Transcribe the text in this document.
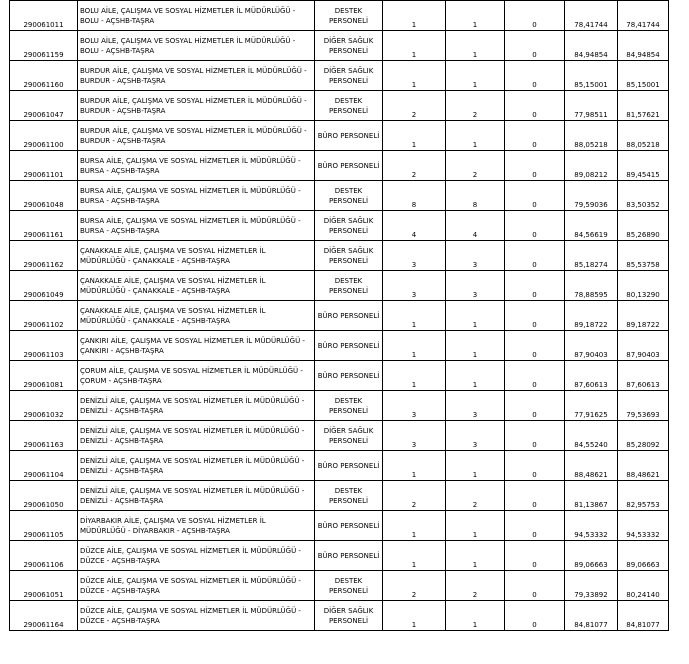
290061011	BOLU AİLE, ÇALIŞMA VE SOSYAL HİZMETLER İL MÜDÜRLÜĞÜ - BOLU - AÇSHB-TAŞRA	DESTEK PERSONELİ	1	1	0	78,41744	78,41744
290061159	BOLU AİLE, ÇALIŞMA VE SOSYAL HİZMETLER İL MÜDÜRLÜĞÜ - BOLU - AÇSHB-TAŞRA	DİĞER SAĞLIK PERSONELİ	1	1	0	84,94854	84,94854
290061160	BURDUR AİLE, ÇALIŞMA VE SOSYAL HİZMETLER İL MÜDÜRLÜĞÜ - BURDUR - AÇSHB-TAŞRA	DİĞER SAĞLIK PERSONELİ	1	1	0	85,15001	85,15001
290061047	BURDUR AİLE, ÇALIŞMA VE SOSYAL HİZMETLER İL MÜDÜRLÜĞÜ - BURDUR - AÇSHB-TAŞRA	DESTEK PERSONELİ	2	2	0	77,98511	81,57621
290061100	BURDUR AİLE, ÇALIŞMA VE SOSYAL HİZMETLER İL MÜDÜRLÜĞÜ - BURDUR - AÇSHB-TAŞRA	BÜRO PERSONELİ	1	1	0	88,05218	88,05218
290061101	BURSA AİLE, ÇALIŞMA VE SOSYAL HİZMETLER İL MÜDÜRLÜĞÜ - BURSA - AÇSHB-TAŞRA	BÜRO PERSONELİ	2	2	0	89,08212	89,45415
290061048	BURSA AİLE, ÇALIŞMA VE SOSYAL HİZMETLER İL MÜDÜRLÜĞÜ - BURSA - AÇSHB-TAŞRA	DESTEK PERSONELİ	8	8	0	79,59036	83,50352
290061161	BURSA AİLE, ÇALIŞMA VE SOSYAL HİZMETLER İL MÜDÜRLÜĞÜ - BURSA - AÇSHB-TAŞRA	DİĞER SAĞLIK PERSONELİ	4	4	0	84,56619	85,26890
290061162	ÇANAKKALE AİLE, ÇALIŞMA VE SOSYAL HİZMETLER İL MÜDÜRLÜĞÜ - ÇANAKKALE - AÇSHB-TAŞRA	DİĞER SAĞLIK PERSONELİ	3	3	0	85,18274	85,53758
290061049	ÇANAKKALE AİLE, ÇALIŞMA VE SOSYAL HİZMETLER İL MÜDÜRLÜĞÜ - ÇANAKKALE - AÇSHB-TAŞRA	DESTEK PERSONELİ	3	3	0	78,88595	80,13290
290061102	ÇANAKKALE AİLE, ÇALIŞMA VE SOSYAL HİZMETLER İL MÜDÜRLÜĞÜ - ÇANAKKALE - AÇSHB-TAŞRA	BÜRO PERSONELİ	1	1	0	89,18722	89,18722
290061103	ÇANKIRI AİLE, ÇALIŞMA VE SOSYAL HİZMETLER İL MÜDÜRLÜĞÜ - ÇANKIRI - AÇSHB-TAŞRA	BÜRO PERSONELİ	1	1	0	87,90403	87,90403
290061081	ÇORUM AİLE, ÇALIŞMA VE SOSYAL HİZMETLER İL MÜDÜRLÜĞÜ - ÇORUM - AÇSHB-TAŞRA	BÜRO PERSONELİ	1	1	0	87,60613	87,60613
290061032	DENİZLİ AİLE, ÇALIŞMA VE SOSYAL HİZMETLER İL MÜDÜRLÜĞÜ - DENİZLİ - AÇSHB-TAŞRA	DESTEK PERSONELİ	3	3	0	77,91625	79,53693
290061163	DENİZLİ AİLE, ÇALIŞMA VE SOSYAL HİZMETLER İL MÜDÜRLÜĞÜ - DENİZLİ - AÇSHB-TAŞRA	DİĞER SAĞLIK PERSONELİ	3	3	0	84,55240	85,28092
290061104	DENİZLİ AİLE, ÇALIŞMA VE SOSYAL HİZMETLER İL MÜDÜRLÜĞÜ - DENİZLİ - AÇSHB-TAŞRA	BÜRO PERSONELİ	1	1	0	88,48621	88,48621
290061050	DENİZLİ AİLE, ÇALIŞMA VE SOSYAL HİZMETLER İL MÜDÜRLÜĞÜ - DENİZLİ - AÇSHB-TAŞRA	DESTEK PERSONELİ	2	2	0	81,13867	82,95753
290061105	DİYARBAKIR AİLE, ÇALIŞMA VE SOSYAL HİZMETLER İL MÜDÜRLÜĞÜ - DİYARBAKIR - AÇSHB-TAŞRA	BÜRO PERSONELİ	1	1	0	94,53332	94,53332
290061106	DÜZCE AİLE, ÇALIŞMA VE SOSYAL HİZMETLER İL MÜDÜRLÜĞÜ - DÜZCE - AÇSHB-TAŞRA	BÜRO PERSONELİ	1	1	0	89,06663	89,06663
290061051	DÜZCE AİLE, ÇALIŞMA VE SOSYAL HİZMETLER İL MÜDÜRLÜĞÜ - DÜZCE - AÇSHB-TAŞRA	DESTEK PERSONELİ	2	2	0	79,33892	80,24140
290061164	DÜZCE AİLE, ÇALIŞMA VE SOSYAL HİZMETLER İL MÜDÜRLÜĞÜ - DÜZCE - AÇSHB-TAŞRA	DİĞER SAĞLIK PERSONELİ	1	1	0	84,81077	84,81077
